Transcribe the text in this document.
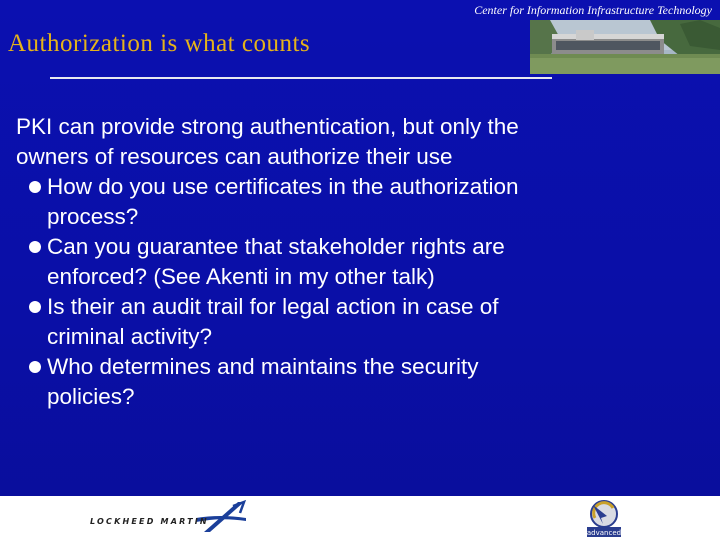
Center for Information Infrastructure Technology
Authorization is what counts
PKI can provide strong authentication, but only the
owners of resources can authorize their use
How do you use certificates in the authorization
process?
Can you guarantee that stakeholder rights are
enforced? (See Akenti in my other talk)
Is their an audit trail for legal action in case of
criminal activity?
Who determines and maintains the security
policies?
LOCKHEED MARTIN
advanced
